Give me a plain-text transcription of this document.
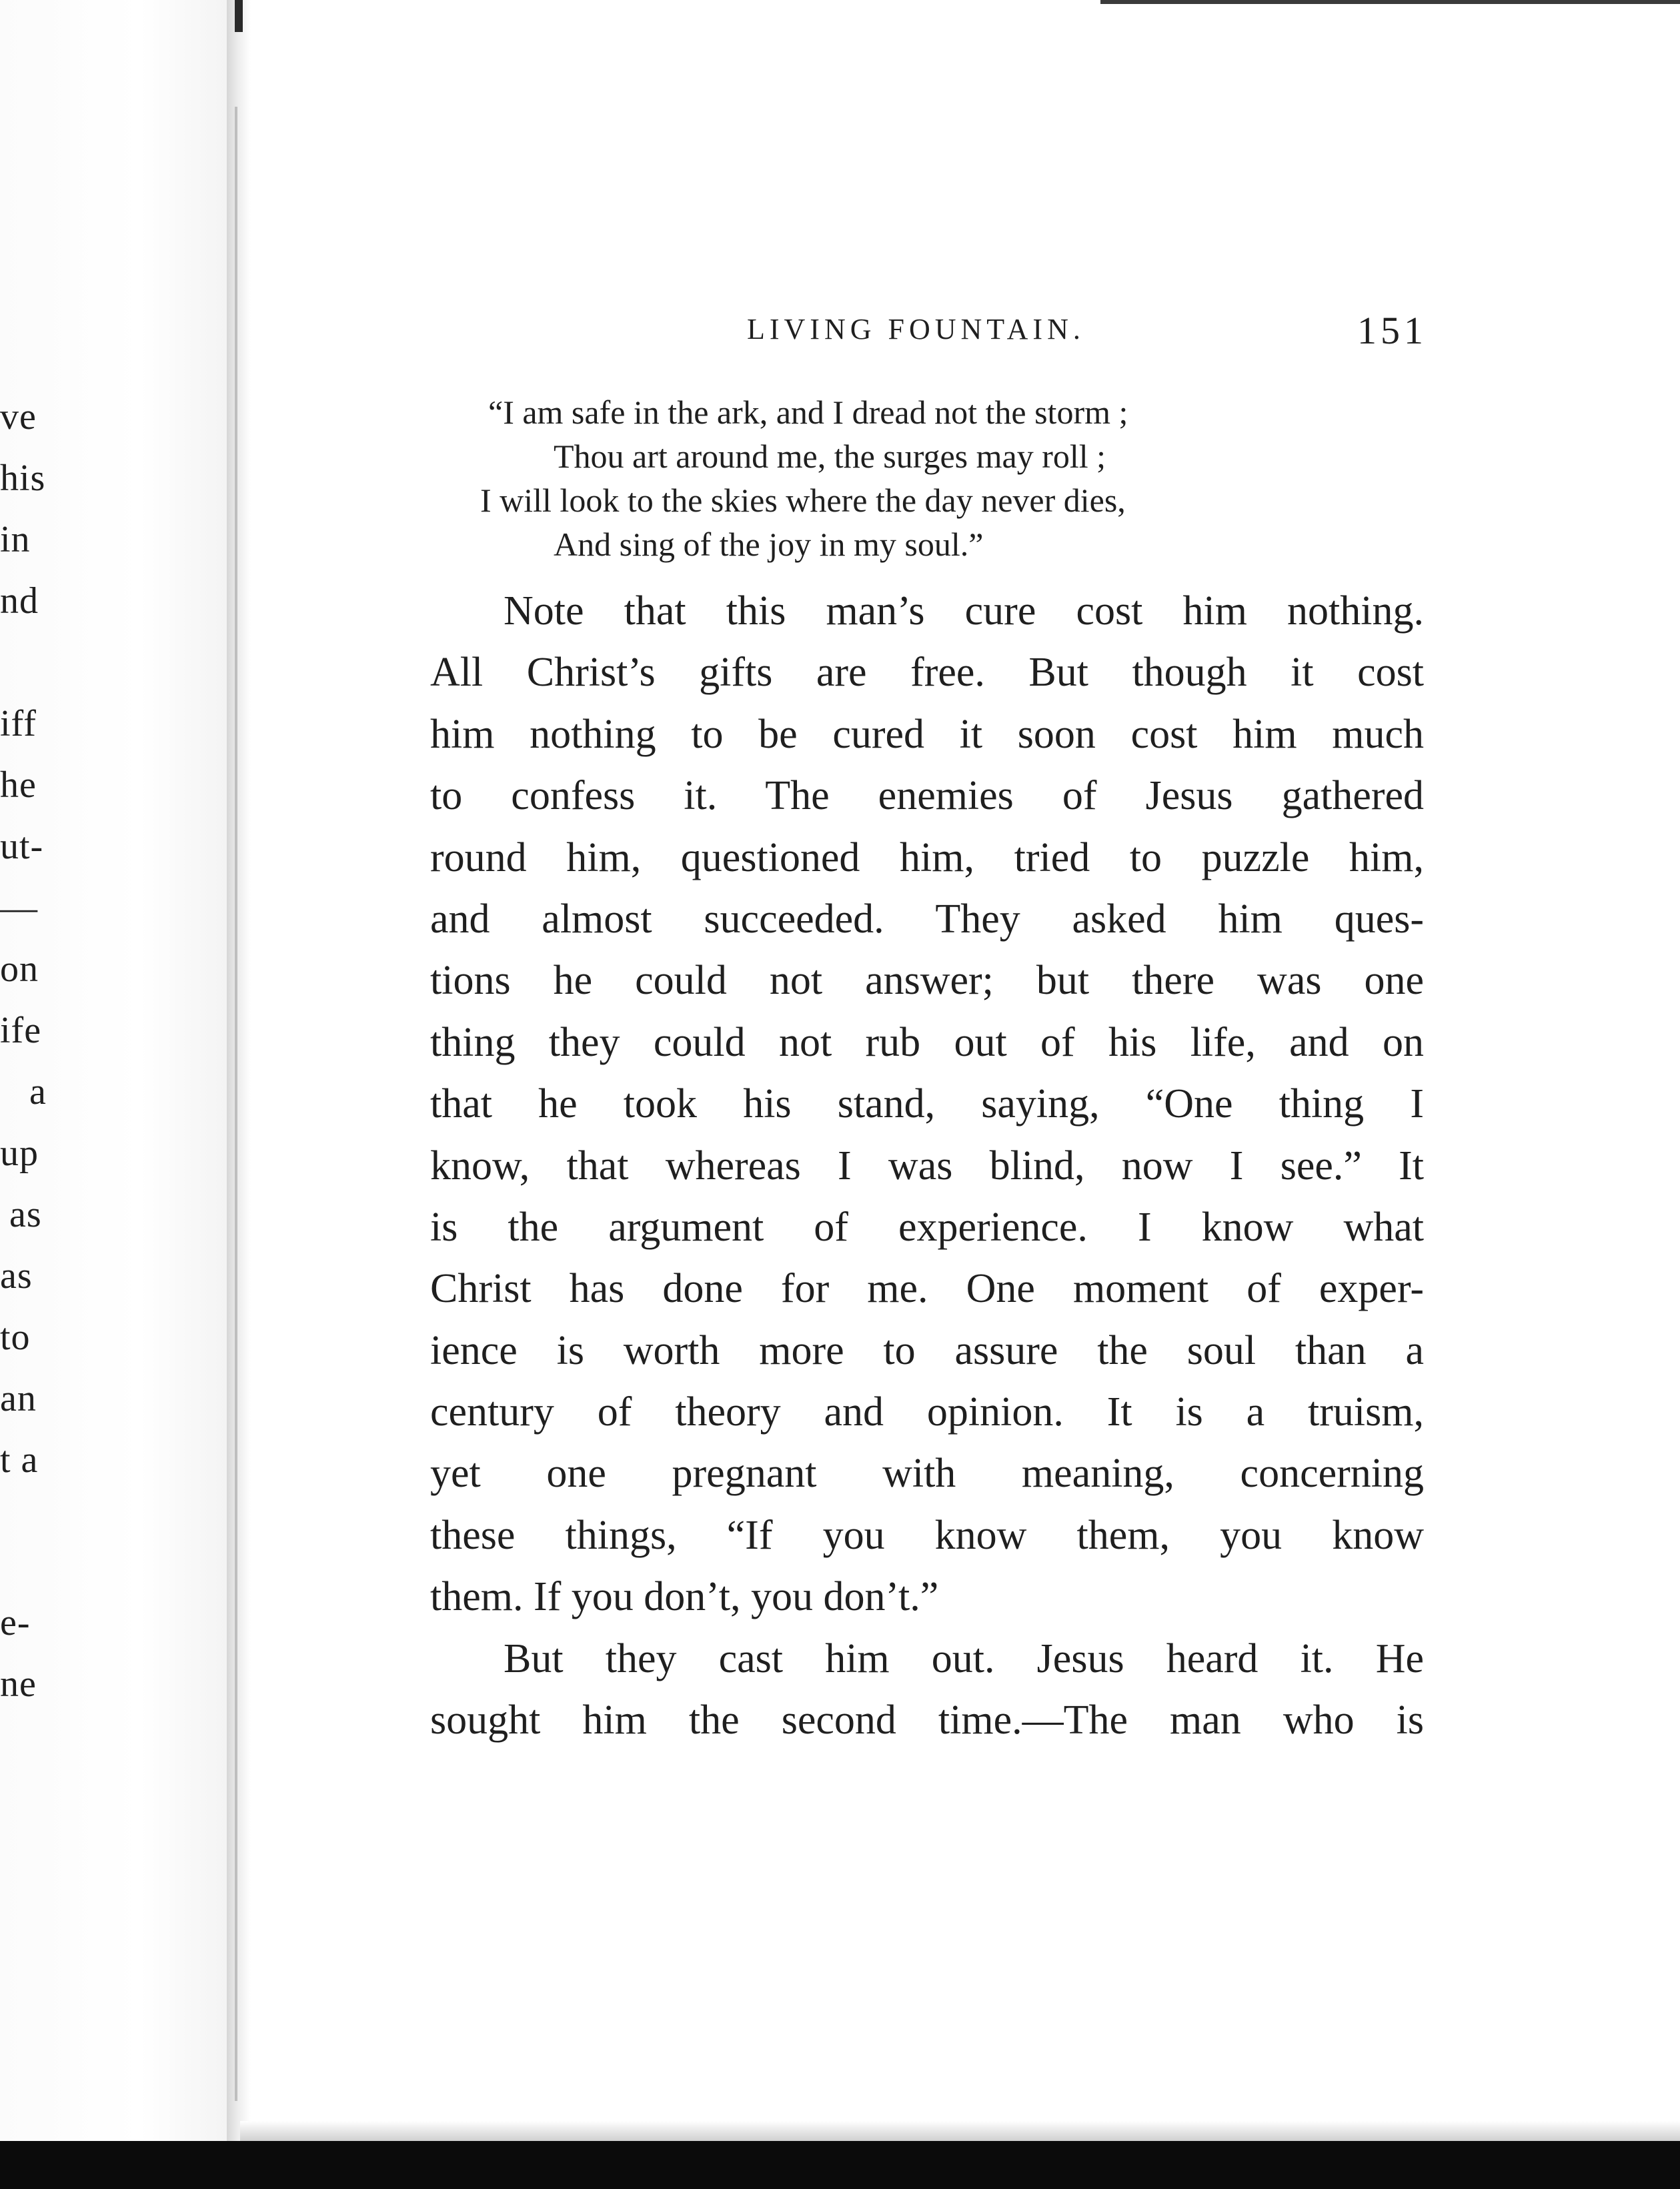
ve
his
in
nd
iff
he
ut-
—
on
ife
a
up
as
as
to
an
t a
e-
ne
LIVING FOUNTAIN.	151
“I am safe in the ark, and I dread not the storm ;
Thou art around me, the surges may roll ;
I will look to the skies where the day never dies,
And sing of the joy in my soul.”

Note that this man’s cure cost him nothing.
All Christ’s gifts are free. But though it cost
him nothing to be cured it soon cost him much
to confess it. The enemies of Jesus gathered
round him, questioned him, tried to puzzle him,
and almost succeeded. They asked him ques-
tions he could not answer; but there was one
thing they could not rub out of his life, and on
that he took his stand, saying, “One thing I
know, that whereas I was blind, now I see.” It
is the argument of experience. I know what
Christ has done for me. One moment of exper-
ience is worth more to assure the soul than a
century of theory and opinion. It is a truism,
yet one pregnant with meaning, concerning
these things, “If you know them, you know
them. If you don’t, you don’t.”

But they cast him out. Jesus heard it. He
sought him the second time.—The man who is
